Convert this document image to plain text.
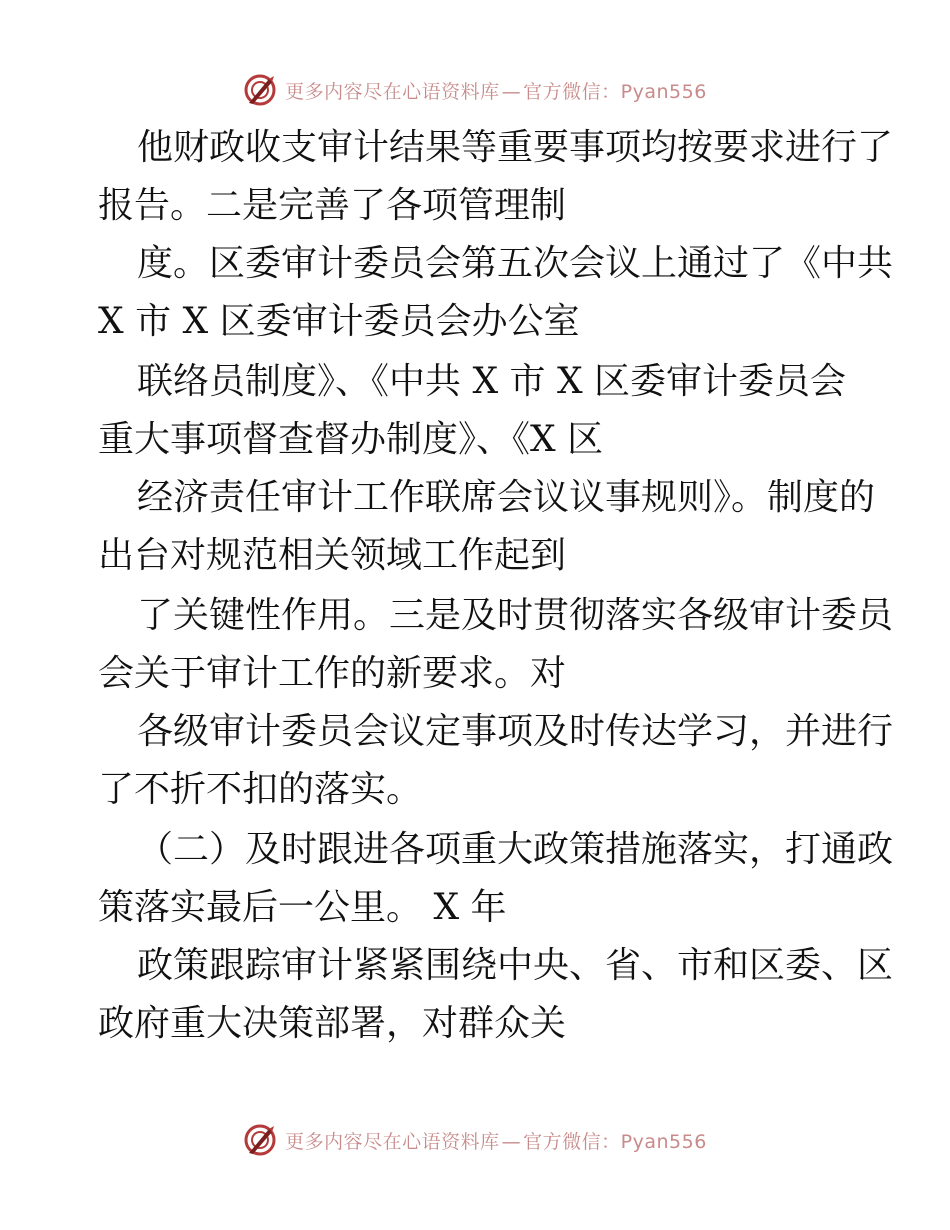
更多内容尽在心语资料库 — 官方微信：Pyan556
他财政收支审计结果等重要事项均按要求进行了
报告。二是完善了各项管理制
度。区委审计委员会第五次会议上通过了《中共
X 市 X 区委审计委员会办公室
联络员制度》、《中共 X 市 X 区委审计委员会
重大事项督查督办制度》、《X 区
经济责任审计工作联席会议议事规则》。制度的
出台对规范相关领域工作起到
了关键性作用。三是及时贯彻落实各级审计委员
会关于审计工作的新要求。对
各级审计委员会议定事项及时传达学习，并进行
了不折不扣的落实。
（二）及时跟进各项重大政策措施落实，打通政
策落实最后一公里。 X 年
政策跟踪审计紧紧围绕中央、省、市和区委、区
政府重大决策部署，对群众关
更多内容尽在心语资料库 — 官方微信：Pyan556
